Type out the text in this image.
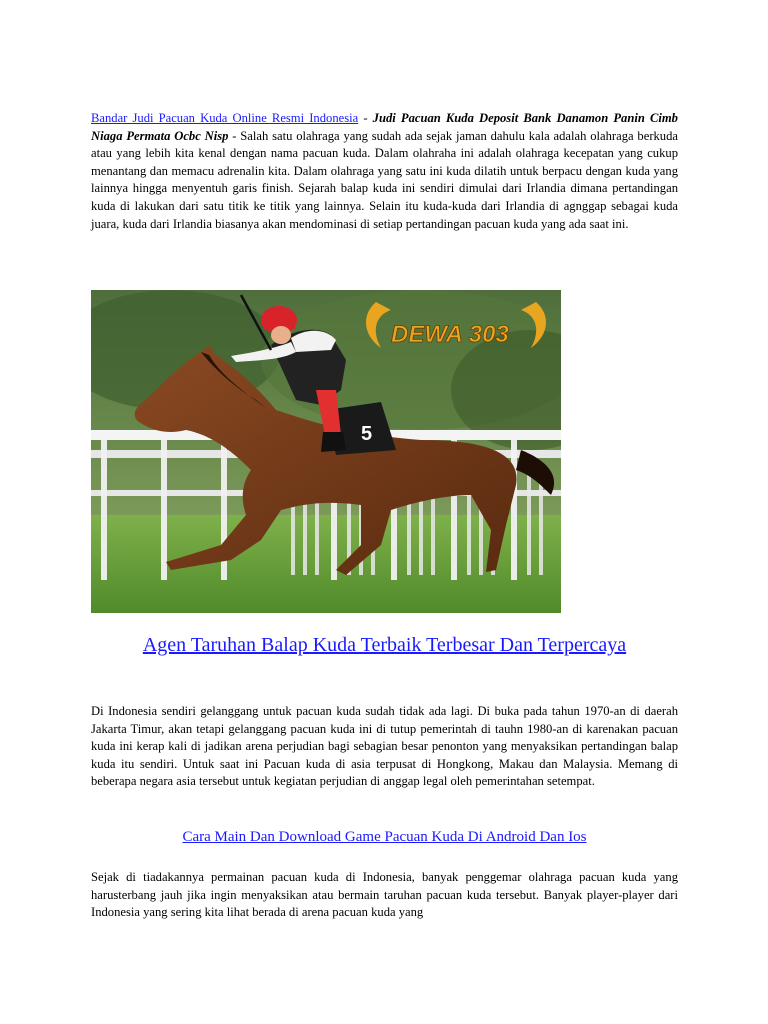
Bandar Judi Pacuan Kuda Online Resmi Indonesia - Judi Pacuan Kuda Deposit Bank Danamon Panin Cimb Niaga Permata Ocbc Nisp - Salah satu olahraga yang sudah ada sejak jaman dahulu kala adalah olahraga berkuda atau yang lebih kita kenal dengan nama pacuan kuda. Dalam olahraha ini adalah olahraga kecepatan yang cukup menantang dan memacu adrenalin kita. Dalam olahraga yang satu ini kuda dilatih untuk berpacu dengan kuda yang lainnya hingga menyentuh garis finish. Sejarah balap kuda ini sendiri dimulai dari Irlandia dimana pertandingan kuda di lakukan dari satu titik ke titik yang lainnya. Selain itu kuda-kuda dari Irlandia di agnggap sebagai kuda juara, kuda dari Irlandia biasanya akan mendominasi di setiap pertandingan pacuan kuda yang ada saat ini.

5
DEWA 303
Agen Taruhan Balap Kuda Terbaik Terbesar Dan Terpercaya

Di Indonesia sendiri gelanggang untuk pacuan kuda sudah tidak ada lagi. Di buka pada tahun 1970-an di daerah Jakarta Timur, akan tetapi gelanggang pacuan kuda ini di tutup pemerintah di tauhn 1980-an di karenakan pacuan kuda ini kerap kali di jadikan arena perjudian bagi sebagian besar penonton yang menyaksikan pertandingan balap kuda itu sendiri. Untuk saat ini Pacuan kuda di asia terpusat di Hongkong, Makau dan Malaysia. Memang di beberapa negara asia tersebut untuk kegiatan perjudian di anggap legal oleh pemerintahan setempat.

Cara Main Dan Download Game Pacuan Kuda Di Android Dan Ios

Sejak di tiadakannya permainan pacuan kuda di Indonesia, banyak penggemar olahraga pacuan kuda yang harusterbang jauh jika ingin menyaksikan atau bermain taruhan pacuan kuda tersebut. Banyak player-player dari Indonesia yang sering kita lihat berada di arena pacuan kuda yang
